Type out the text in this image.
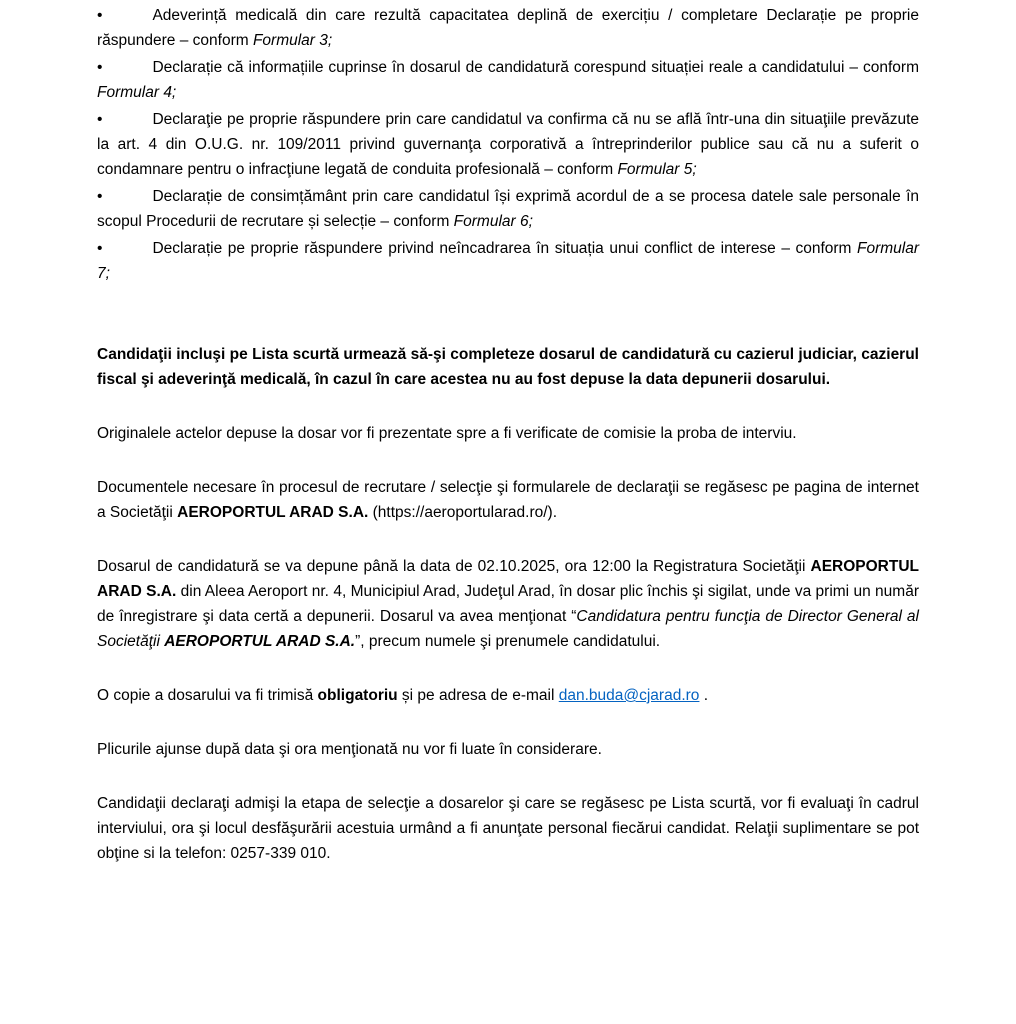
•	Adeverință medicală din care rezultă capacitatea deplină de exercițiu / completare Declarație pe proprie răspundere – conform Formular 3;

•	Declarație că informațiile cuprinse în dosarul de candidatură corespund situației reale a candidatului – conform Formular 4;

•	Declaraţie pe proprie răspundere prin care candidatul va confirma că nu se află într-una din situaţiile prevăzute la art. 4 din O.U.G. nr. 109/2011 privind guvernanţa corporativă a întreprinderilor publice sau că nu a suferit o condamnare pentru o infracţiune legată de conduita profesională – conform Formular 5;

•	Declarație de consimțământ prin care candidatul își exprimă acordul de a se procesa datele sale personale în scopul Procedurii de recrutare și selecție – conform Formular 6;

•	Declarație pe proprie răspundere privind neîncadrarea în situația unui conflict de interese – conform Formular 7;

Candidaţii incluşi pe Lista scurtă urmează să-şi completeze dosarul de candidatură cu cazierul judiciar, cazierul fiscal şi adeverinţă medicală, în cazul în care acestea nu au fost depuse la data depunerii dosarului.

Originalele actelor depuse la dosar vor fi prezentate spre a fi verificate de comisie la proba de interviu.

Documentele necesare în procesul de recrutare / selecţie şi formularele de declaraţii se regăsesc pe pagina de internet a Societăţii AEROPORTUL ARAD S.A. (https://aeroportularad.ro/).

Dosarul de candidatură se va depune până la data de 02.10.2025, ora 12:00 la Registratura Societăţii AEROPORTUL ARAD S.A. din Aleea Aeroport nr. 4, Municipiul Arad, Judeţul Arad, în dosar plic închis şi sigilat, unde va primi un număr de înregistrare şi data certă a depunerii. Dosarul va avea menţionat “Candidatura pentru funcţia de Director General al Societăţii AEROPORTUL ARAD S.A.”, precum numele şi prenumele candidatului.

O copie a dosarului va fi trimisă obligatoriu și pe adresa de e-mail dan.buda@cjarad.ro .

Plicurile ajunse după data şi ora menţionată nu vor fi luate în considerare.

Candidaţii declaraţi admişi la etapa de selecţie a dosarelor şi care se regăsesc pe Lista scurtă, vor fi evaluaţi în cadrul interviului, ora şi locul desfăşurării acestuia urmând a fi anunţate personal fiecărui candidat. Relaţii suplimentare se pot obţine si la telefon: 0257-339 010.
